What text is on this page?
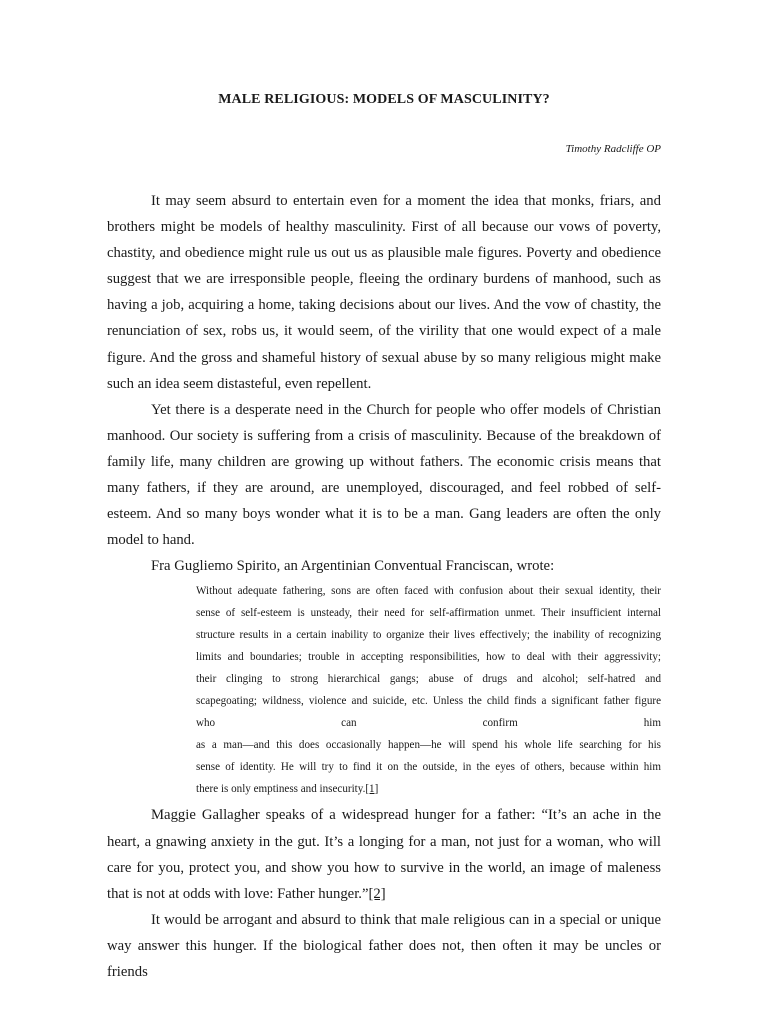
MALE RELIGIOUS: MODELS OF MASCULINITY?
Timothy Radcliffe OP

It may seem absurd to entertain even for a moment the idea that monks, friars, and brothers might be models of healthy masculinity. First of all because our vows of poverty, chastity, and obedience might rule us out us as plausible male figures. Poverty and obedience suggest that we are irresponsible people, fleeing the ordinary burdens of manhood, such as having a job, acquiring a home, taking decisions about our lives. And the vow of chastity, the renunciation of sex, robs us, it would seem, of the virility that one would expect of a male figure. And the gross and shameful history of sexual abuse by so many religious might make such an idea seem distasteful, even repellent.

Yet there is a desperate need in the Church for people who offer models of Christian manhood. Our society is suffering from a crisis of masculinity. Because of the breakdown of family life, many children are growing up without fathers. The economic crisis means that many fathers, if they are around, are unemployed, discouraged, and feel robbed of self-esteem. And so many boys wonder what it is to be a man. Gang leaders are often the only model to hand.

Fra Gugliemo Spirito, an Argentinian Conventual Franciscan, wrote:

Without adequate fathering, sons are often faced with confusion about their sexual identity, their
sense of self-esteem is unsteady, their need for self-affirmation unmet. Their insufficient internal
structure results in a certain inability to organize their lives effectively; the inability of recognizing
limits and boundaries; trouble in accepting responsibilities, how to deal with their aggressivity;
their clinging to strong hierarchical gangs; abuse of drugs and alcohol; self-hatred and
scapegoating; wildness, violence and suicide, etc. Unless the child finds a significant father figure
who can confirm him
as a man—and this does occasionally happen—he will spend his whole life searching for his
sense of identity. He will try to find it on the outside, in the eyes of others, because within him
there is only emptiness and insecurity.[1]

Maggie Gallagher speaks of a widespread hunger for a father: “It’s an ache in the heart, a gnawing anxiety in the gut. It’s a longing for a man, not just for a woman, who will care for you, protect you, and show you how to survive in the world, an image of maleness that is not at odds with love: Father hunger.”[2]

It would be arrogant and absurd to think that male religious can in a special or unique way answer this hunger. If the biological father does not, then often it may be uncles or friends
